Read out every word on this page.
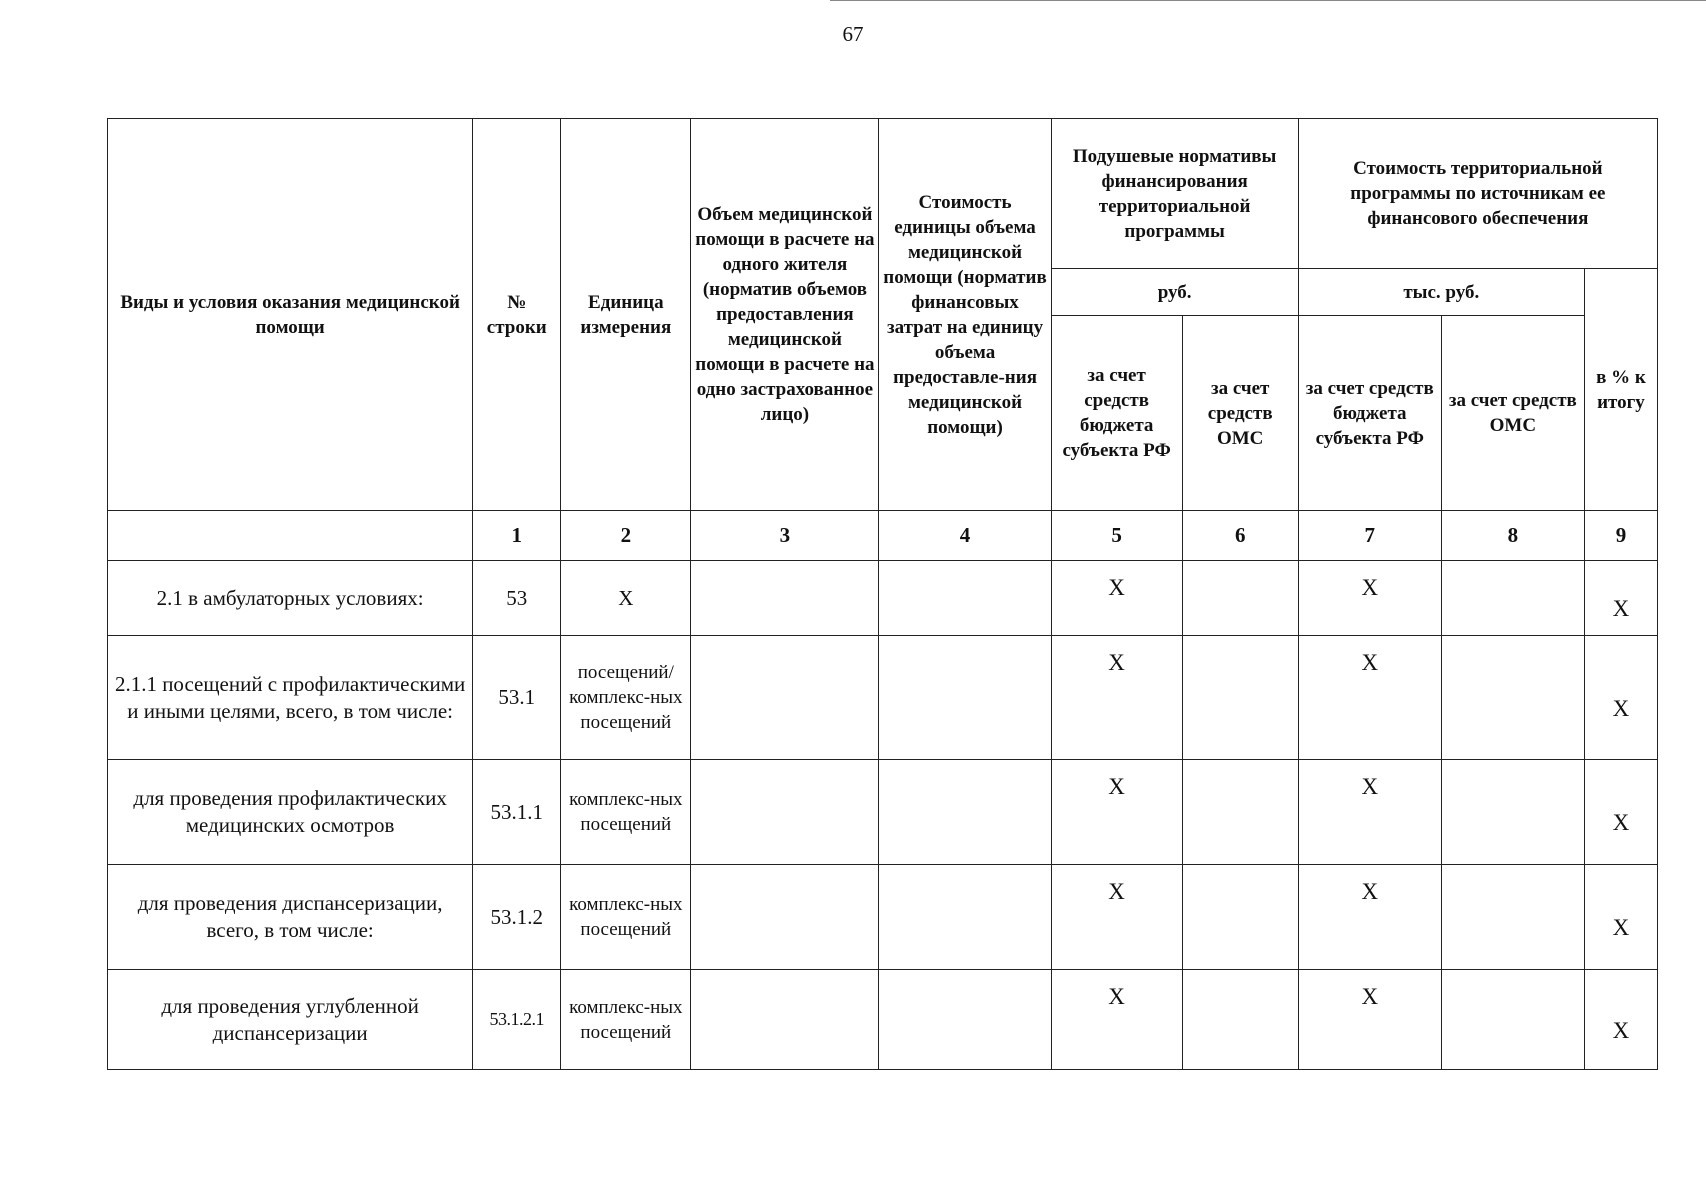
67
Виды и условия оказания медицинской помощи	№ строки	Единица измерения	Объем медицинской помощи в расчете на одного жителя (норматив объемов предоставления медицинской помощи в расчете на одно застрахованное лицо)	Стоимость единицы объема медицинской помощи (норматив финансовых затрат на единицу объема предоставле-ния медицинской помощи)	Подушевые нормативы финансирования территориальной программы		Стоимость территориальной программы по источникам ее финансового обеспечения		
					руб.		тыс. руб.		в % к итогу
					за счет средств бюджета субъекта РФ	за счет средств ОМС	за счет средств бюджета субъекта РФ	за счет средств ОМС	
	1	2	3	4	5	6	7	8	9
2.1 в амбулаторных условиях:	53	Х			Х		Х		Х
2.1.1 посещений с профилактическими и иными целями, всего, в том числе:	53.1	посещений/ комплекс-ных посещений			Х		Х		Х
для проведения профилактических медицинских осмотров	53.1.1	комплекс-ных посещений			Х		Х		Х
для проведения диспансеризации, всего, в том числе:	53.1.2	комплекс-ных посещений			Х		Х		Х
для проведения углубленной диспансеризации	53.1.2.1	комплекс-ных посещений			Х		Х		Х
